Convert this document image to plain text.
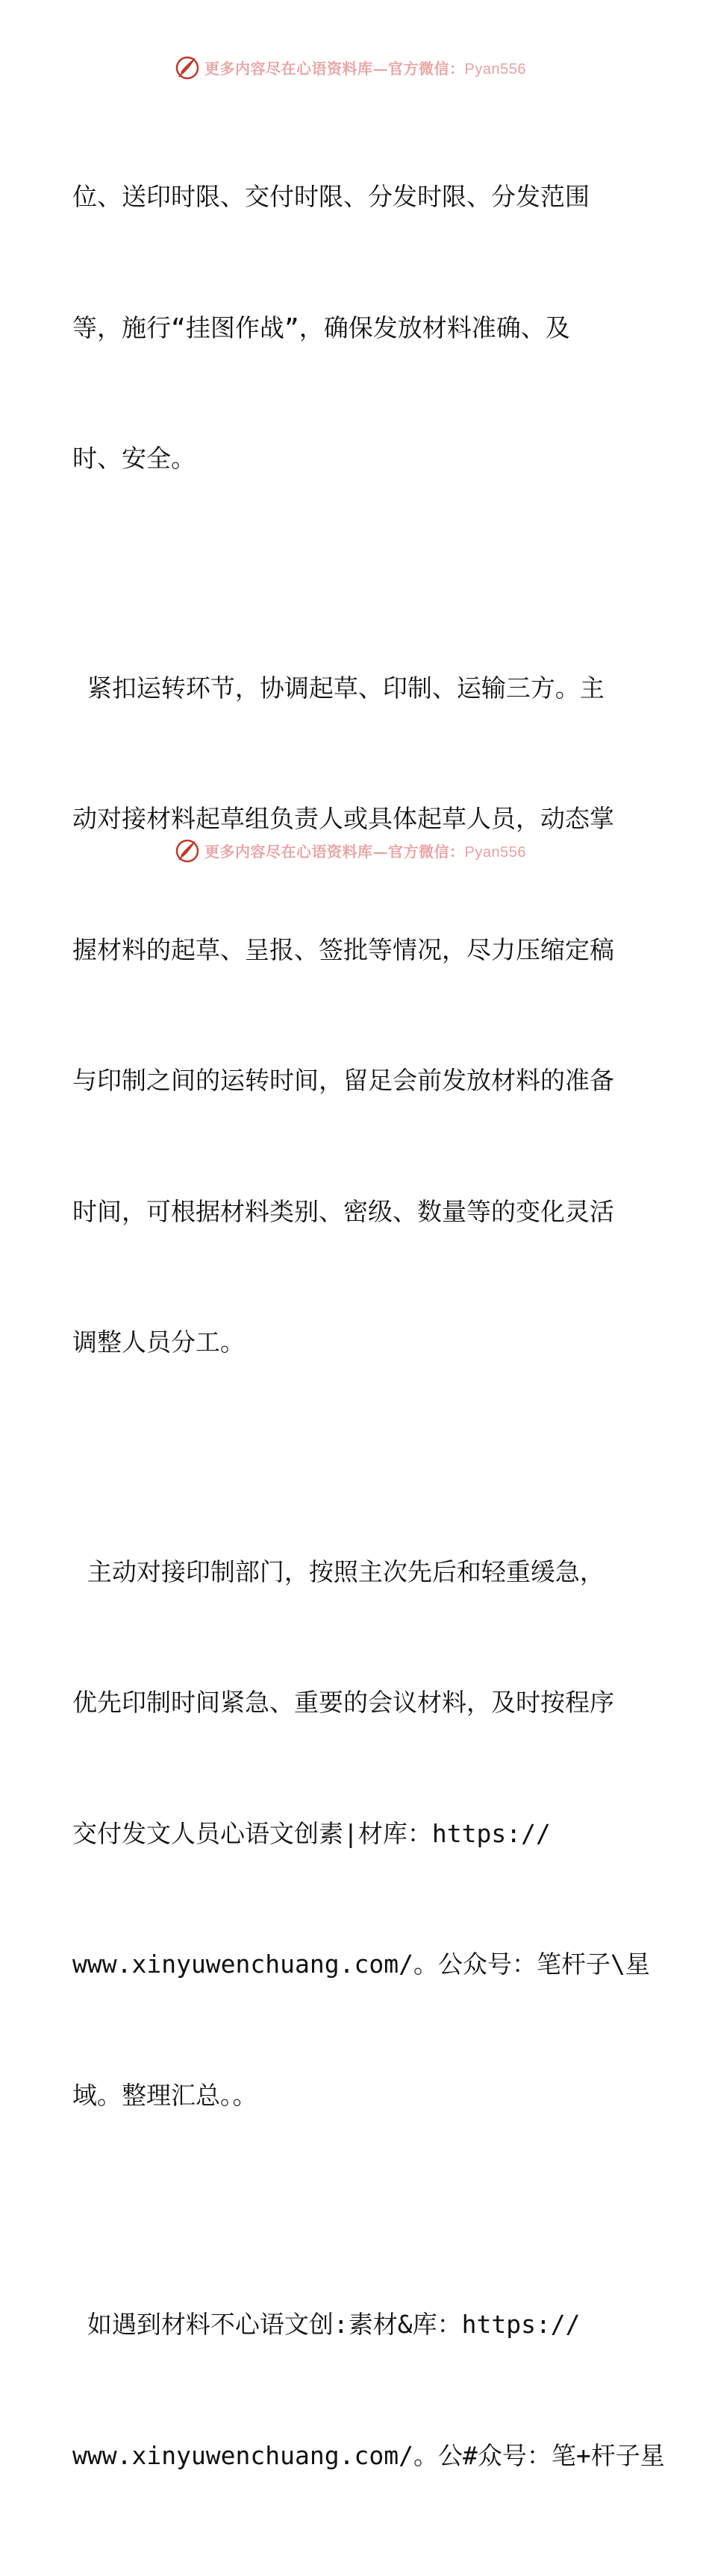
更多内容尽在心语资料库—官方微信：Pyan556

位、送印时限、交付时限、分发时限、分发范围

等，施行“挂图作战”，确保发放材料准确、及

时、安全。

紧扣运转环节，协调起草、印制、运输三方。主

动对接材料起草组负责人或具体起草人员，动态掌

握材料的起草、呈报、签批等情况，尽力压缩定稿

与印制之间的运转时间，留足会前发放材料的准备

时间，可根据材料类别、密级、数量等的变化灵活

调整人员分工。

主动对接印制部门，按照主次先后和轻重缓急，

优先印制时间紧急、重要的会议材料，及时按程序

交付发文人员心语文创素|材库：https://

www.xinyuwenchuang.com/。公众号：笔杆子\星

域。整理汇总。。

如遇到材料不心语文创:素材&库：https://

www.xinyuwenchuang.com/。公#众号：笔+杆子星

更多内容尽在心语资料库—官方微信：Pyan556
